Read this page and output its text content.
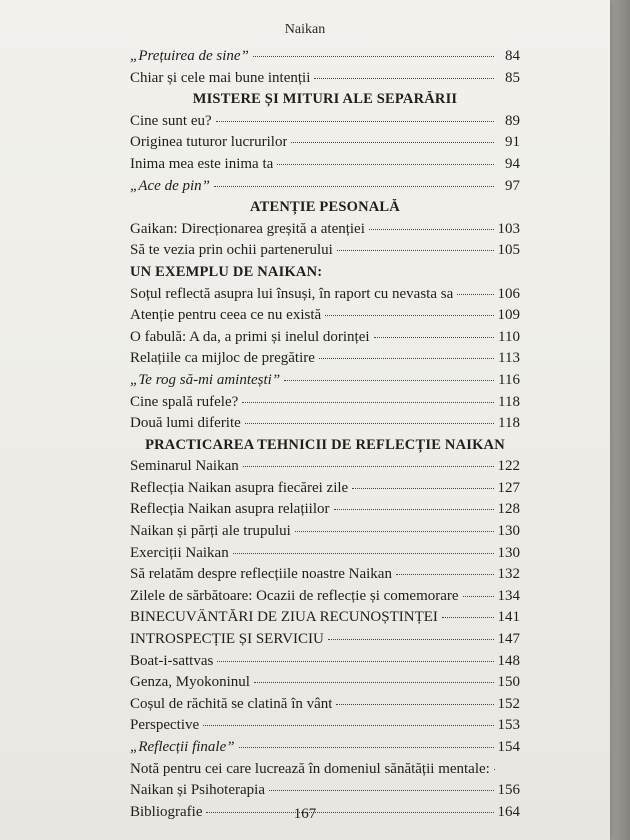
Naikan
„Prețuirea de sine”	84
Chiar și cele mai bune intenții	85
MISTERE ȘI MITURI ALE SEPARĂRII
Cine sunt eu?	89
Originea tuturor lucrurilor	91
Inima mea este inima ta	94
„Ace de pin”	97
ATENȚIE PESONALĂ
Gaikan: Direcționarea greșită a atenției	103
Să te vezia prin ochii partenerului	105
UN EXEMPLU DE NAIKAN:
Soțul reflectă asupra lui însuși, în raport cu nevasta sa	106
Atenție pentru ceea ce nu există	109
O fabulă: A da, a primi și inelul dorinței	110
Relațiile ca mijloc de pregătire	113
„Te rog să-mi amintești”	116
Cine spală rufele?	118
Două lumi diferite	118
PRACTICAREA TEHNICII DE REFLECȚIE NAIKAN
Seminarul Naikan	122
Reflecția Naikan asupra fiecărei zile	127
Reflecția Naikan asupra relațiilor	128
Naikan și părți ale trupului	130
Exerciții Naikan	130
Să relatăm despre reflecțiile noastre Naikan	132
Zilele de sărbătoare: Ocazii de reflecție și comemorare	134
BINECUVÂNTĂRI DE ZIUA RECUNOȘTINȚEI	141
INTROSPECȚIE ȘI SERVICIU	147
Boat-i-sattvas	148
Genza, Myokoninul	150
Coșul de răchită se clatină în vânt	152
Perspective	153
„Reflecții finale”	154
Notă pentru cei care lucrează în domeniul sănătății mentale:
Naikan și Psihoterapia	156
Bibliografie	164
167
